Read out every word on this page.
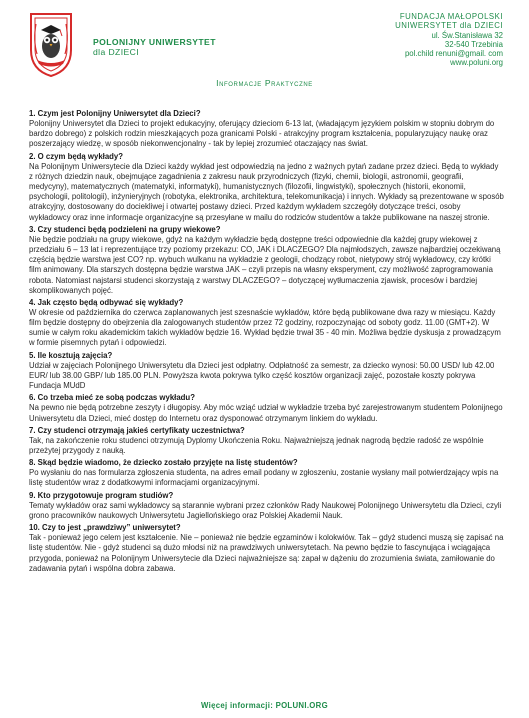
POLONIJNY UNIWERSYTET
dla DZIECI
FUNDACJA MAŁOPOLSKI
UNIWERSYTET dla DZIECI
ul. Św.Stanisława 32
32-540 Trzebinia
pol.child renuni@gmail. com
www.poluni.org
Informacje Praktyczne
1. Czym jest Polonijny Uniwersytet dla Dzieci?
Polonijny Uniwersytet dla Dzieci to projekt edukacyjny, oferujący dzieciom 6-13 lat, (władającym językiem polskim w stopniu dobrym do bardzo dobrego) z polskich rodzin mieszkających poza granicami Polski - atrakcyjny program kształcenia, popularyzujący naukę oraz poszerzający wiedzę, w sposób niekonwencjonalny - tak by lepiej zrozumieć otaczający nas świat.
2. O czym będą wykłady?
Na Polonijnym Uniwersytecie dla Dzieci każdy wykład jest odpowiedzią na jedno z ważnych pytań zadane przez dzieci. Będą to wykłady z różnych dziedzin nauk, obejmujące zagadnienia z zakresu nauk przyrodniczych (fizyki, chemii, biologii, astronomii, geografii, medycyny), matematycznych (matematyki, informatyki), humanistycznych (filozofii, lingwistyki), społecznych (historii, ekonomii, psychologii, politologii), inżynieryjnych (robotyka, elektronika, architektura, telekomunikacja) i innych. Wykłady są prezentowane w sposób atrakcyjny, dostosowany do dociekliwej i otwartej postawy dzieci. Przed każdym wykładem szczegóły dotyczące treści, osoby wykładowcy oraz inne informacje organizacyjne są przesyłane w mailu do rodziców studentów a także publikowane na naszej stronie.
3. Czy studenci będą podzieleni na grupy wiekowe?
Nie będzie podziału na grupy wiekowe, gdyż na każdym wykładzie będą dostępne treści odpowiednie dla każdej grupy wiekowej z przedziału 6 – 13 lat i reprezentujące trzy poziomy przekazu: CO, JAK i DLACZEGO? Dla najmłodszych, zawsze najbardziej oczekiwaną częścią będzie warstwa jest CO? np. wybuch wulkanu na wykładzie z geologii, chodzący robot, nietypowy strój wykładowcy, czy krótki film animowany. Dla starszych dostępna będzie warstwa JAK – czyli przepis na własny eksperyment, czy możliwość zaprogramowania robota. Natomiast najstarsi studenci skorzystają z warstwy DLACZEGO? – dotyczącej wytłumaczenia zjawisk, procesów i bardziej skomplikowanych pojęć.
4. Jak często będą odbywać się wykłady?
W okresie od października do czerwca zaplanowanych jest szesnaście wykładów, które będą publikowane dwa razy w miesiącu. Każdy film będzie dostępny do obejrzenia dla zalogowanych studentów przez 72 godziny, rozpoczynając od soboty godz. 11.00 (GMT+2). W sumie w całym roku akademickim takich wykładów będzie 16. Wykład będzie trwał 35 - 40 min. Możliwa będzie dyskusja z prowadzącym w formie pisemnych pytań i odpowiedzi.
5. Ile kosztują zajęcia?
Udział w zajęciach Polonijnego Uniwersytetu dla Dzieci jest odpłatny. Odpłatność za semestr, za dziecko wynosi: 50.00 USD/ lub 42.00 EUR/ lub 38.00 GBP/ lub 185.00 PLN. Powyższa kwota pokrywa tylko część kosztów organizacji zajęć, pozostałe koszty pokrywa Fundacja MUdD
6. Co trzeba mieć ze sobą podczas wykładu?
Na pewno nie będą potrzebne zeszyty i długopisy. Aby móc wziąć udział w wykładzie trzeba być zarejestrowanym studentem Polonijnego Uniwersytetu dla Dzieci, mieć dostęp do Internetu oraz dysponować otrzymanym linkiem do wykładu.
7. Czy studenci otrzymają jakieś certyfikaty uczestnictwa?
Tak, na zakończenie roku studenci otrzymują Dyplomy Ukończenia Roku. Najważniejszą jednak nagrodą będzie radość ze wspólnie przeżytej przygody z nauką.
8. Skąd będzie wiadomo, że dziecko zostało przyjęte na listę studentów?
Po wysłaniu do nas formularza zgłoszenia studenta, na adres email podany w zgłoszeniu, zostanie wysłany mail potwierdzający wpis na listę studentów wraz z dodatkowymi informacjami organizacyjnymi.
9. Kto przygotowuje program studiów?
Tematy wykładów oraz sami wykładowcy są starannie wybrani przez członków Rady Naukowej Polonijnego Uniwersytetu dla Dzieci, czyli grono pracowników naukowych Uniwersytetu Jagiellońskiego oraz Polskiej Akademii Nauk.
10. Czy to jest „prawdziwy” uniwersytet?
Tak - ponieważ jego celem jest kształcenie. Nie – ponieważ nie będzie egzaminów i kolokwiów. Tak – gdyż studenci muszą się zapisać na listę studentów. Nie - gdyż studenci są dużo młodsi niż na prawdziwych uniwersytetach. Na pewno będzie to fascynująca i wciągająca przygoda, ponieważ na Polonijnym Uniwersytecie dla Dzieci najważniejsze są: zapał w dążeniu do zrozumienia świata, zamiłowanie do zadawania pytań i wspólna dobra zabawa.
Więcej informacji: POLUNI.ORG
